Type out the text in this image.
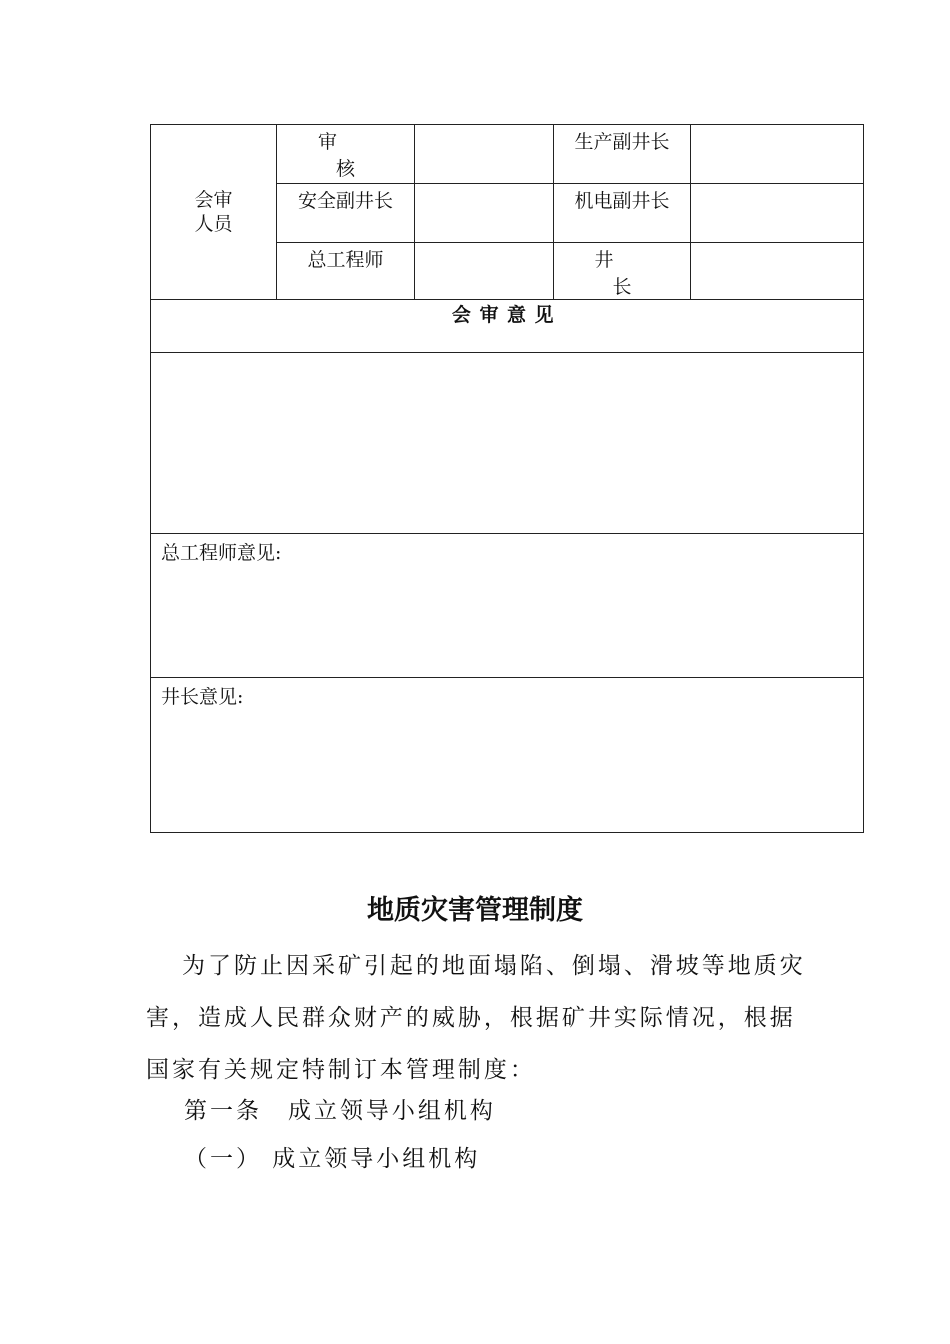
会审
人员	审 核		生产副井长	
	安全副井长		机电副井长	
	总工程师		井 长	
会审意见				

总工程师意见:				
井长意见:				
地质灾害管理制度
为了防止因采矿引起的地面塌陷、倒塌、滑坡等地质灾害，造成人民群众财产的威胁，根据矿井实际情况，根据国家有关规定特制订本管理制度：
第一条　成立领导小组机构
（一） 成立领导小组机构
